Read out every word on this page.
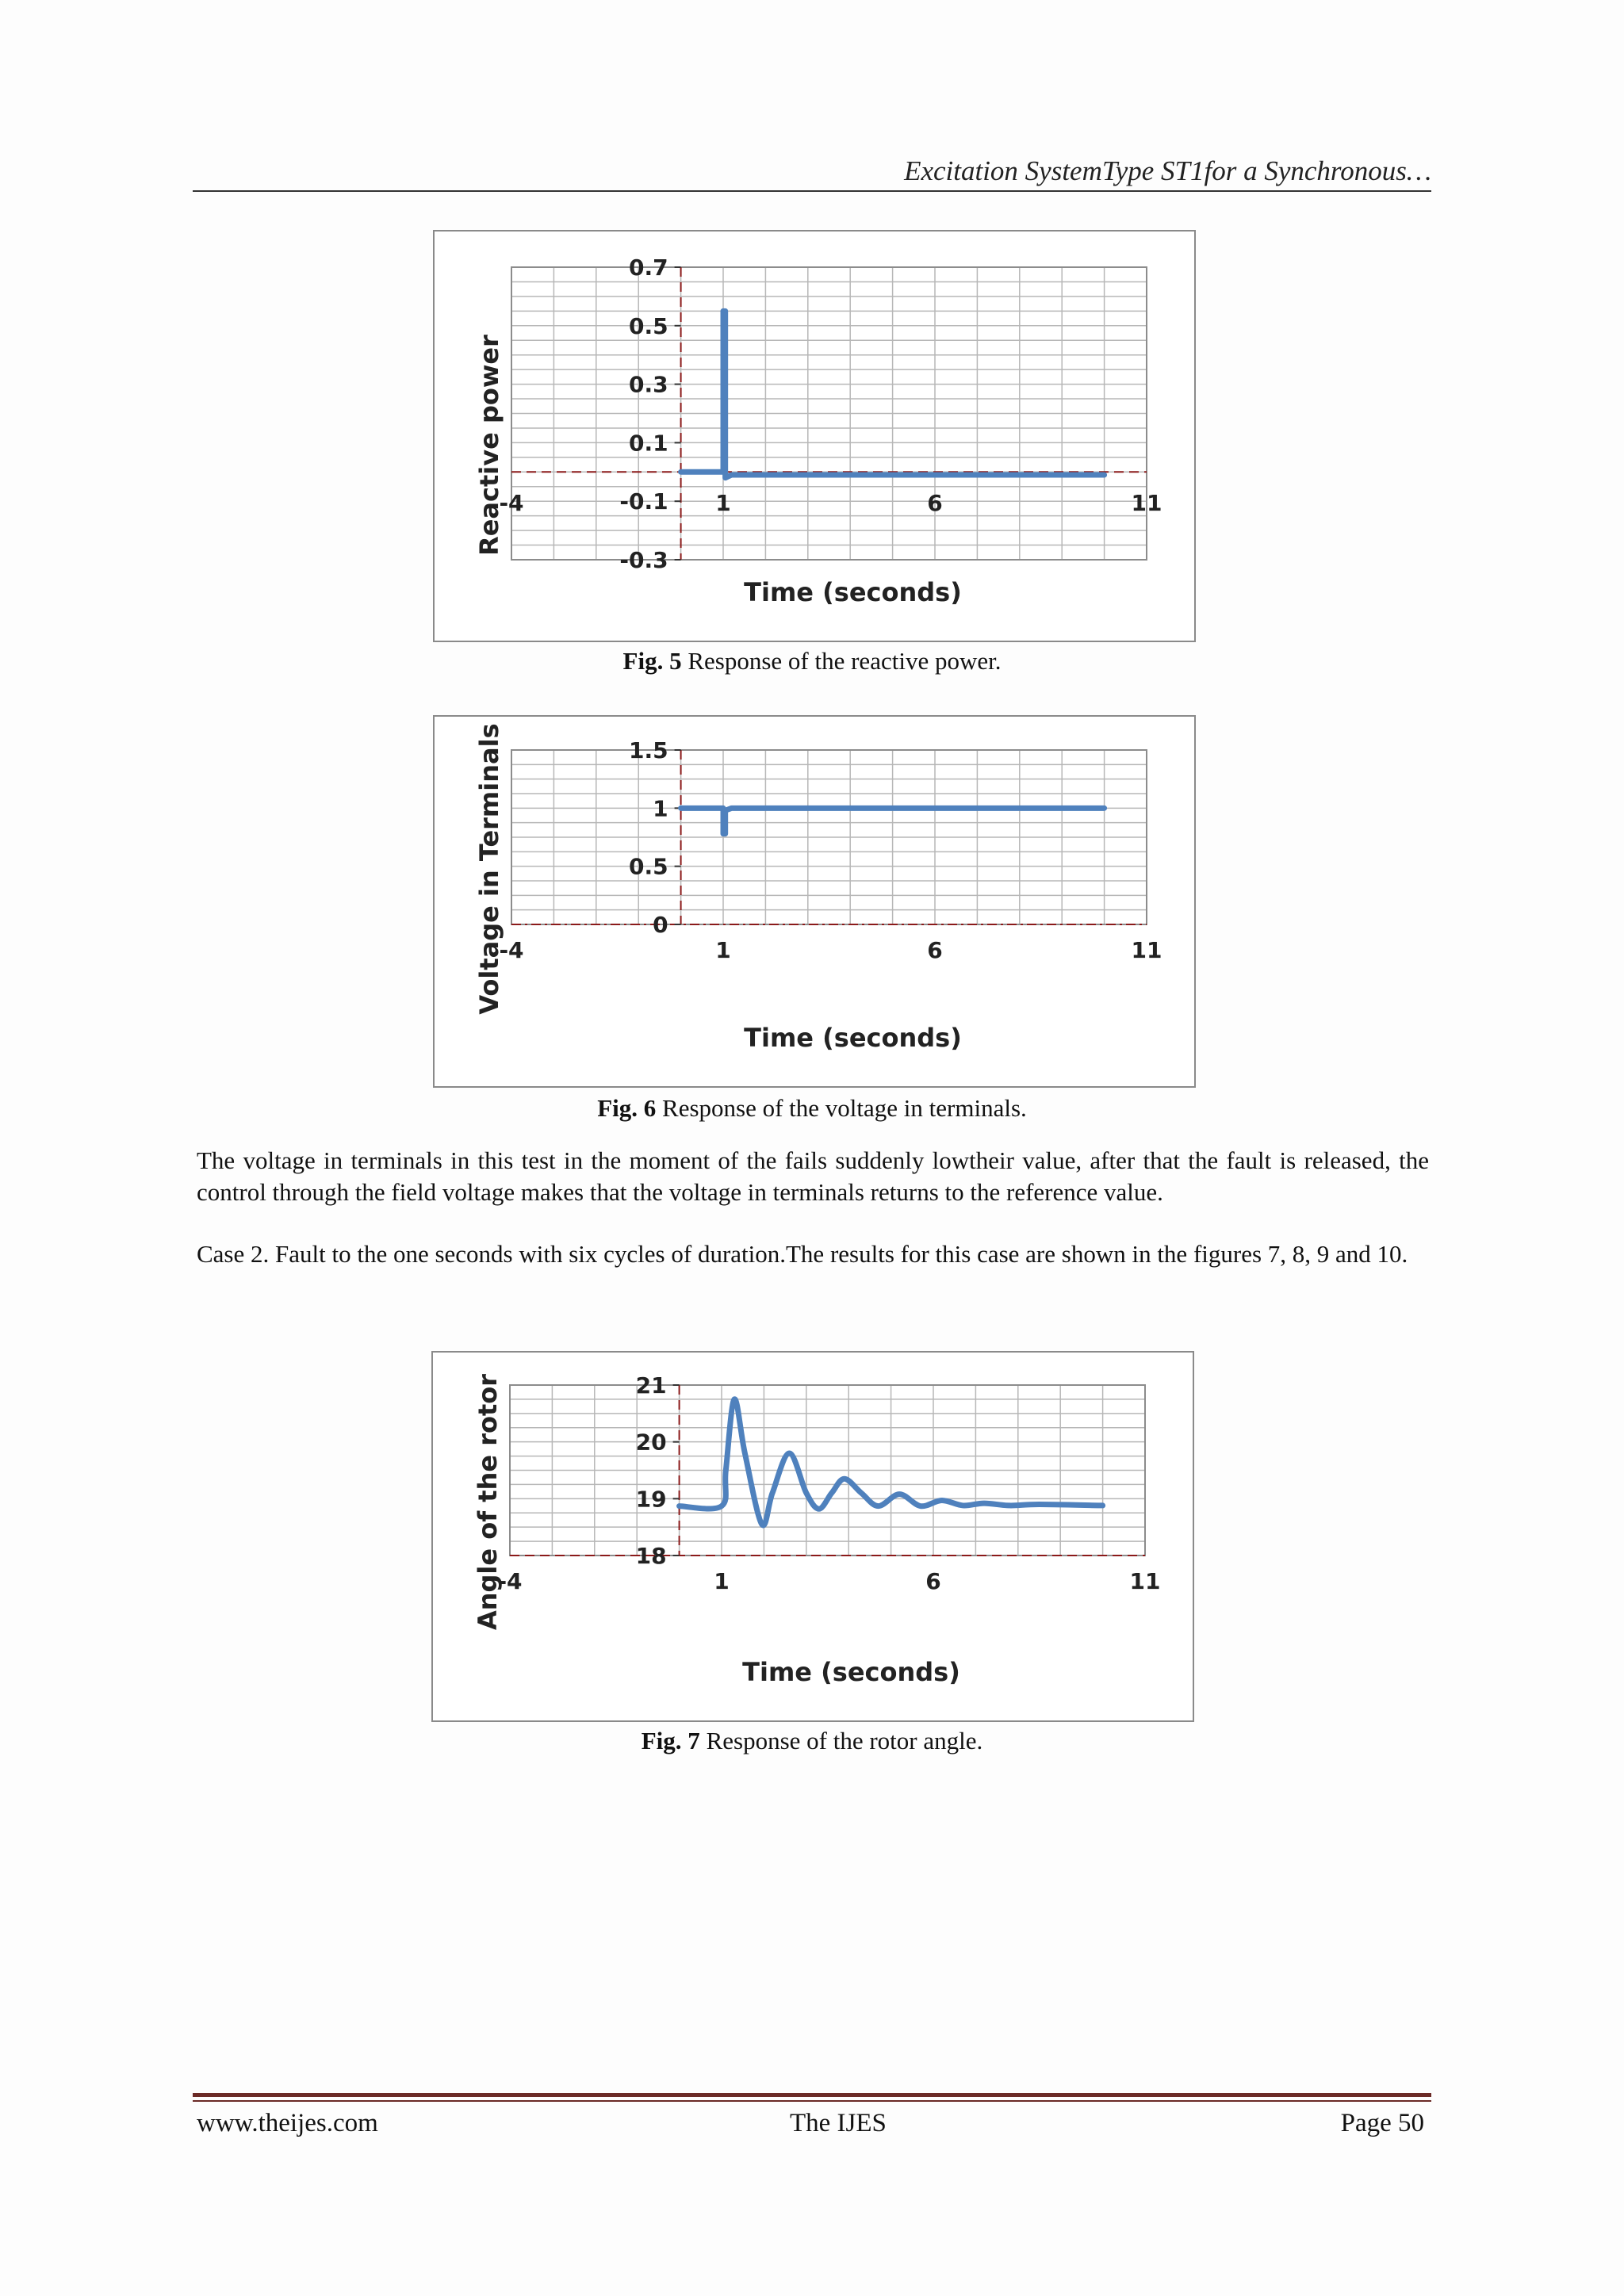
Excitation SystemType ST1for a Synchronous…
0.7
0.5
0.3
0.1
-0.1
-0.3
-4	1	6	11
Time (seconds)
Reactive power
Fig. 5 Response of the reactive power.
1.5
1
0.5
0
-4	1	6	11
Time (seconds)
Voltage in Terminals
Fig. 6 Response of the voltage in terminals.

The voltage in terminals in this test in the moment of the fails suddenly lowtheir value, after that the fault is released, the control through the field voltage makes that the voltage in terminals returns to the reference value.

Case 2. Fault to the one seconds with six cycles of duration.The results for this case are shown in the figures 7, 8, 9 and 10.

21
20
19
18
-4	1	6	11
Time (seconds)
Angle of the rotor
Fig. 7 Response of the rotor angle.
www.theijes.com	The IJES	Page 50
